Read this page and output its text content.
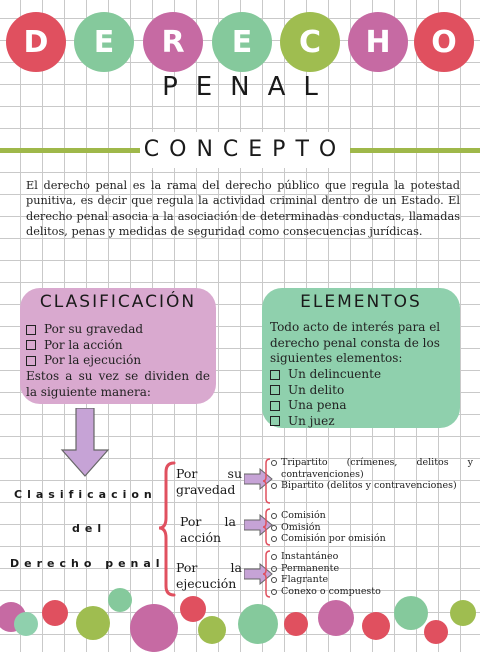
D	E	R	E	C	H	O
PENAL
CONCEPTO
El derecho penal es la rama del derecho público que regula la potestad punitiva, es decir que regula la actividad criminal dentro de un Estado. El derecho penal asocia a la asociación de determinadas conductas, llamadas delitos, penas y medidas de seguridad como consecuencias jurídicas.
CLASIFICACIÓN
Por su gravedad
Por la acción
Por la ejecución
Estos a su vez se dividen de la siguiente manera:
ELEMENTOS
Todo acto de interés para el derecho penal consta de los siguientes elementos:
Un delincuente
Un delito
Una pena
Un juez
Clasificacion
del
Derecho penal
Por su gravedad
Tripartito (crímenes, delitos y contravenciones)
Bipartito (delitos y contravenciones)
Por la acción
Comisión
Omisión
Comisión por omisión
Por la ejecución
Instantáneo
Permanente
Flagrante
Conexo o compuesto
